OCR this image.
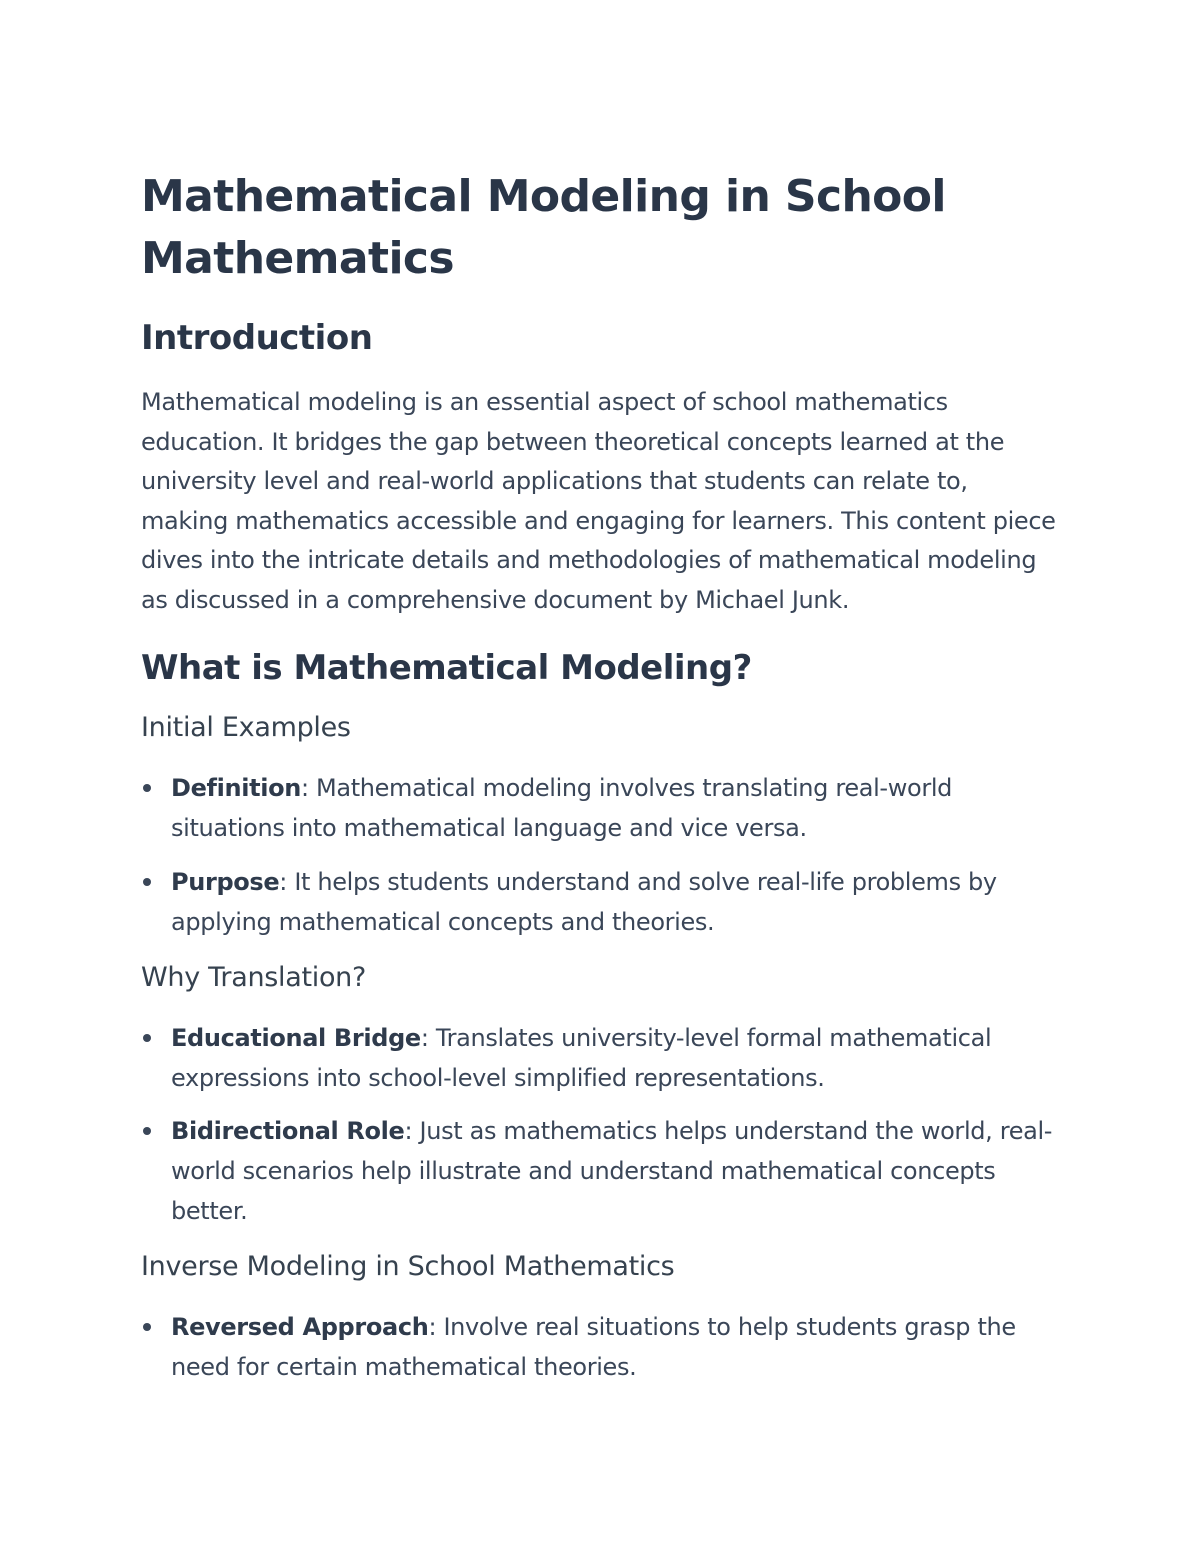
Mathematical Modeling in School Mathematics
Introduction

Mathematical modeling is an essential aspect of school mathematics education. It bridges the gap between theoretical concepts learned at the university level and real-world applications that students can relate to, making mathematics accessible and engaging for learners. This content piece dives into the intricate details and methodologies of mathematical modeling as discussed in a comprehensive document by Michael Junk.

What is Mathematical Modeling?
Initial Examples
Definition: Mathematical modeling involves translating real-world situations into mathematical language and vice versa.
Purpose: It helps students understand and solve real-life problems by applying mathematical concepts and theories.
Why Translation?
Educational Bridge: Translates university-level formal mathematical expressions into school-level simplified representations.
Bidirectional Role: Just as mathematics helps understand the world, real-world scenarios help illustrate and understand mathematical concepts better.
Inverse Modeling in School Mathematics
Reversed Approach: Involve real situations to help students grasp the need for certain mathematical theories.
